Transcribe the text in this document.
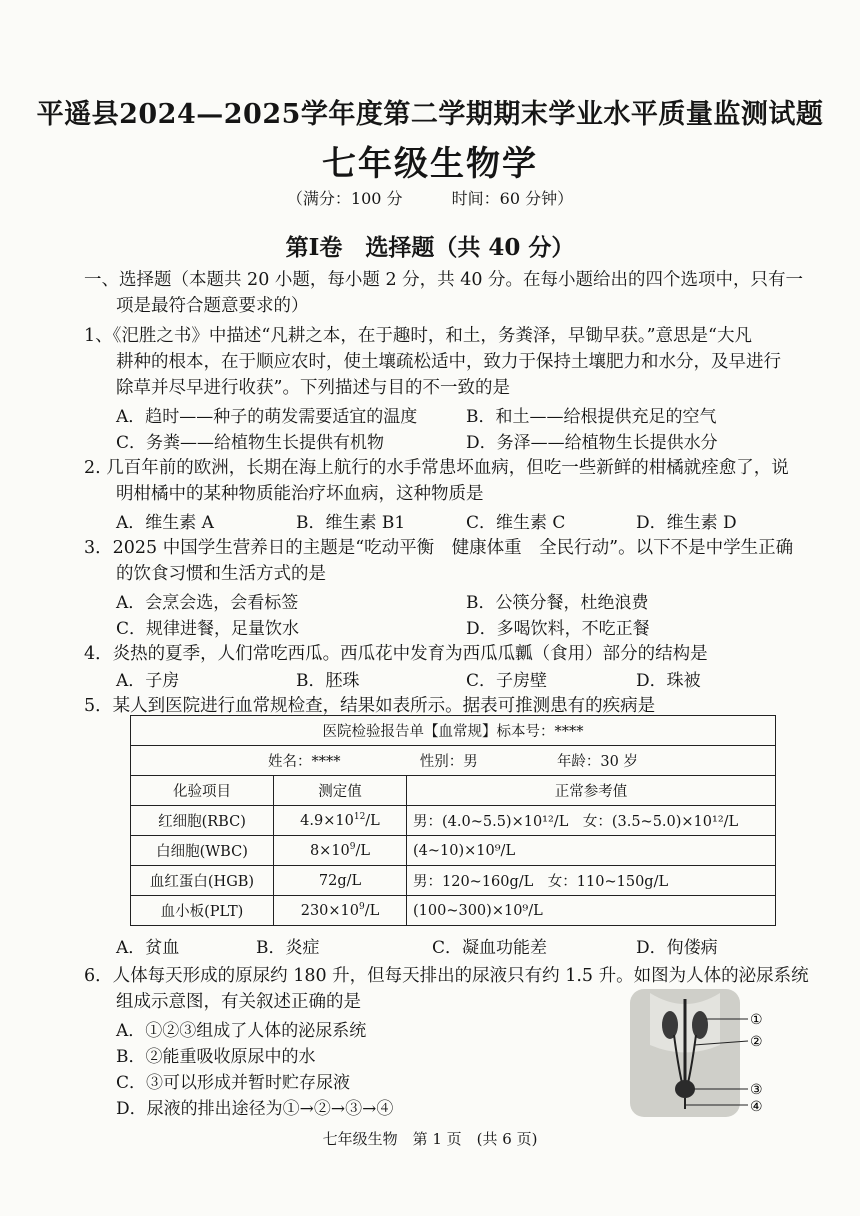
平遥县2024—2025学年度第二学期期末学业水平质量监测试题
七年级生物学
（满分：100 分	时间：60 分钟）
第Ⅰ卷　选择题（共 40 分）
一、选择题（本题共 20 小题，每小题 2 分，共 40 分。在每小题给出的四个选项中，只有一
项是最符合题意要求的）
1、《汜胜之书》中描述“凡耕之本，在于趣时，和土，务粪泽，早锄早获。”意思是“大凡
耕种的根本，在于顺应农时，使土壤疏松适中，致力于保持土壤肥力和水分，及早进行
除草并尽早进行收获”。下列描述与目的不一致的是
A．趋时——种子的萌发需要适宜的温度	B．和土——给根提供充足的空气
C．务粪——给植物生长提供有机物	D．务泽——给植物生长提供水分
2. 几百年前的欧洲，长期在海上航行的水手常患坏血病，但吃一些新鲜的柑橘就痊愈了，说
明柑橘中的某种物质能治疗坏血病，这种物质是
A．维生素 A	B．维生素 B1	C．维生素 C	D．维生素 D
3．2025 中国学生营养日的主题是“吃动平衡　健康体重　全民行动”。以下不是中学生正确
的饮食习惯和生活方式的是
A．会烹会选，会看标签	B．公筷分餐，杜绝浪费
C．规律进餐，足量饮水	D．多喝饮料，不吃正餐
4．炎热的夏季，人们常吃西瓜。西瓜花中发育为西瓜瓜瓤（食用）部分的结构是
A．子房	B．胚珠	C．子房壁	D．珠被
5．某人到医院进行血常规检查，结果如表所示。据表可推测患有的疾病是
医院检验报告单【血常规】标本号：****		
姓名：**** 性别：男 年龄：30 岁		
化验项目	测定值	正常参考值
红细胞(RBC)	$4.9\times 10^{12}/L$	男：(4.0~5.5)×10¹²/L　女：(3.5~5.0)×10¹²/L
白细胞(WBC)	$8\times 10^9/L$	(4~10)×10⁹/L
血红蛋白(HGB)	72g/L	男：120~160g/L　女：110~150g/L
血小板(PLT)	$230\times 10^9/L$	(100~300)×10⁹/L
A．贫血	B．炎症	C．凝血功能差	D．佝偻病
6．人体每天形成的原尿约 180 升，但每天排出的尿液只有约 1.5 升。如图为人体的泌尿系统
组成示意图，有关叙述正确的是
A．①②③组成了人体的泌尿系统
B．②能重吸收原尿中的水
C．③可以形成并暂时贮存尿液
D．尿液的排出途径为①→②→③→④
①
②
③
④
七年级生物　第 1 页　(共 6 页)
